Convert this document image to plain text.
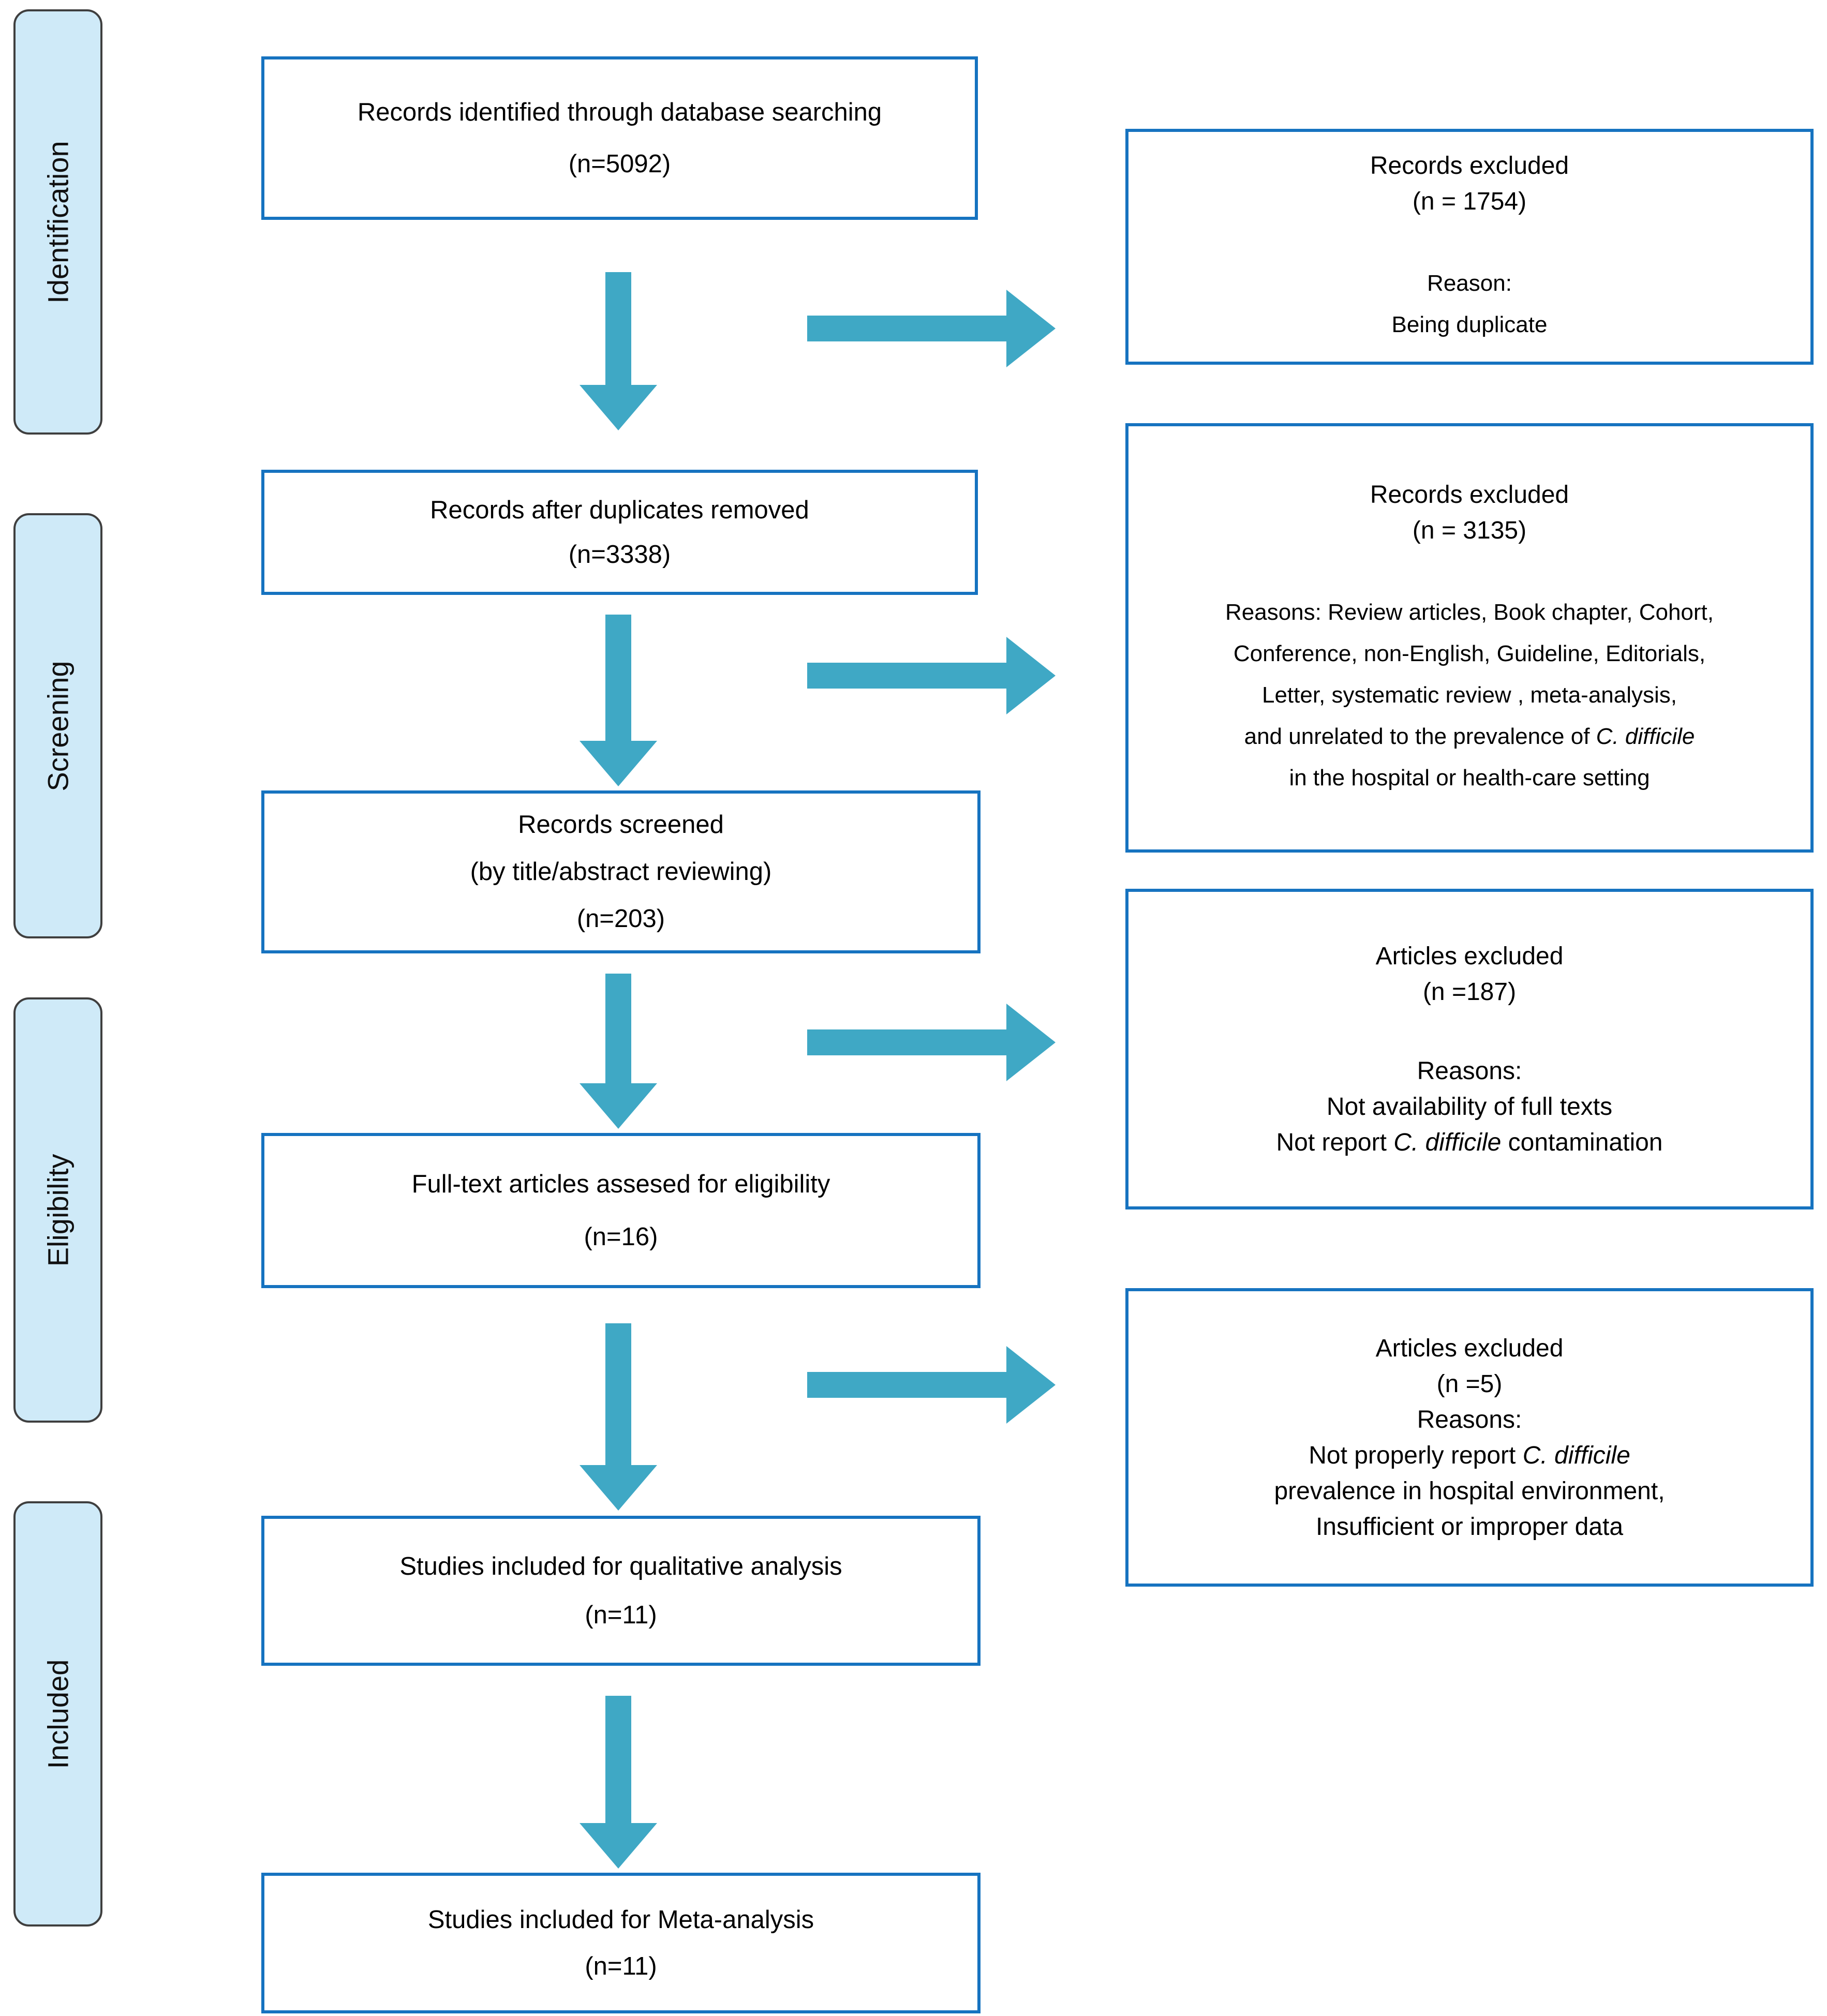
Identification
Screening
Eligibility
Included
Records identified through database searching
(n=5092)
Records after duplicates removed
(n=3338)
Records screened
(by title/abstract reviewing)
(n=203)
Full-text articles assesed for eligibility
(n=16)
Studies included for qualitative analysis
(n=11)
Studies included for Meta-analysis
(n=11)
Records excluded
(n = 1754)
Reason:
Being duplicate
Records excluded
(n = 3135)
Reasons: Review articles, Book chapter, Cohort,
Conference, non-English, Guideline, Editorials,
Letter, systematic review , meta-analysis,
and unrelated to the prevalence of C. difficile
in the hospital or health-care setting
Articles excluded
(n =187)
Reasons:
Not availability of full texts
Not report C. difficile contamination
Articles excluded
(n =5)
Reasons:
Not properly report C. difficile
prevalence in hospital environment,
Insufficient or improper data
